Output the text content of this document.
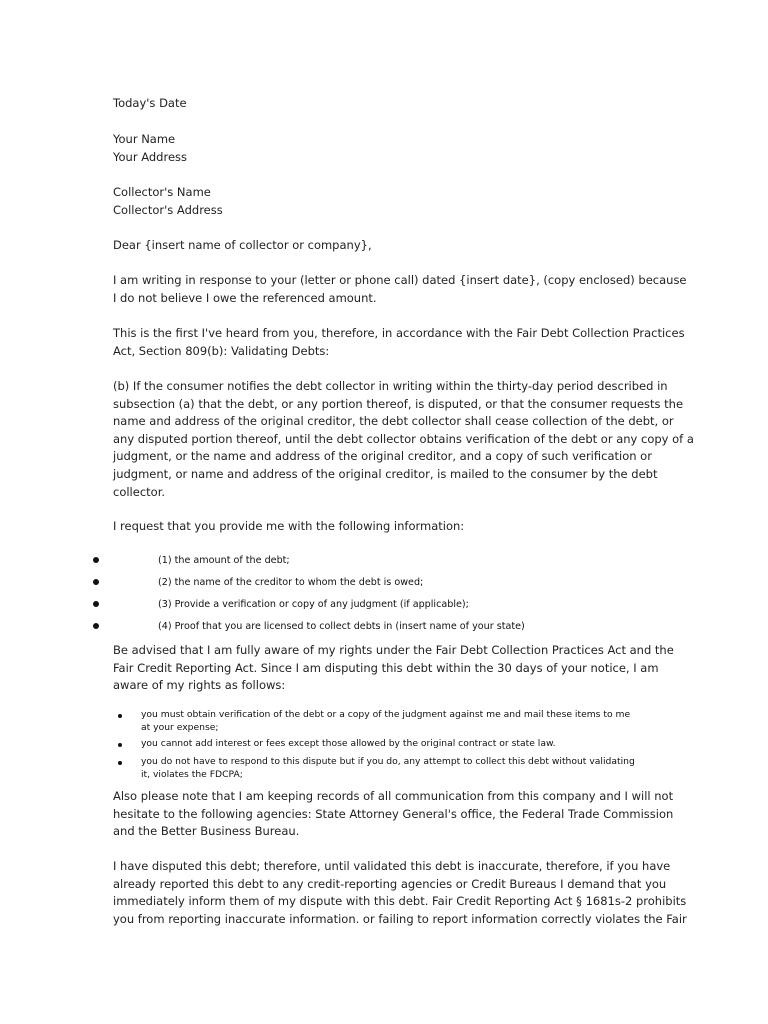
Today's Date
Your Name
Your Address
Collector's Name
Collector's Address
Dear {insert name of collector or company},
I am writing in response to your (letter or phone call) dated {insert date}, (copy enclosed) because
I do not believe I owe the referenced amount.
This is the first I've heard from you, therefore, in accordance with the Fair Debt Collection Practices
Act, Section 809(b): Validating Debts:
(b) If the consumer notifies the debt collector in writing within the thirty-day period described in
subsection (a) that the debt, or any portion thereof, is disputed, or that the consumer requests the
name and address of the original creditor, the debt collector shall cease collection of the debt, or
any disputed portion thereof, until the debt collector obtains verification of the debt or any copy of a
judgment, or the name and address of the original creditor, and a copy of such verification or
judgment, or name and address of the original creditor, is mailed to the consumer by the debt
collector.
I request that you provide me with the following information:
(1) the amount of the debt;
(2) the name of the creditor to whom the debt is owed;
(3) Provide a verification or copy of any judgment (if applicable);
(4) Proof that you are licensed to collect debts in (insert name of your state)
Be advised that I am fully aware of my rights under the Fair Debt Collection Practices Act and the
Fair Credit Reporting Act. Since I am disputing this debt within the 30 days of your notice, I am
aware of my rights as follows:
you must obtain verification of the debt or a copy of the judgment against me and mail these items to me
at your expense;
you cannot add interest or fees except those allowed by the original contract or state law.
you do not have to respond to this dispute but if you do, any attempt to collect this debt without validating
it, violates the FDCPA;
Also please note that I am keeping records of all communication from this company and I will not
hesitate to the following agencies: State Attorney General's office, the Federal Trade Commission
and the Better Business Bureau.
I have disputed this debt; therefore, until validated this debt is inaccurate, therefore, if you have
already reported this debt to any credit-reporting agencies or Credit Bureaus I demand that you
immediately inform them of my dispute with this debt. Fair Credit Reporting Act § 1681s-2 prohibits
you from reporting inaccurate information. or failing to report information correctly violates the Fair
